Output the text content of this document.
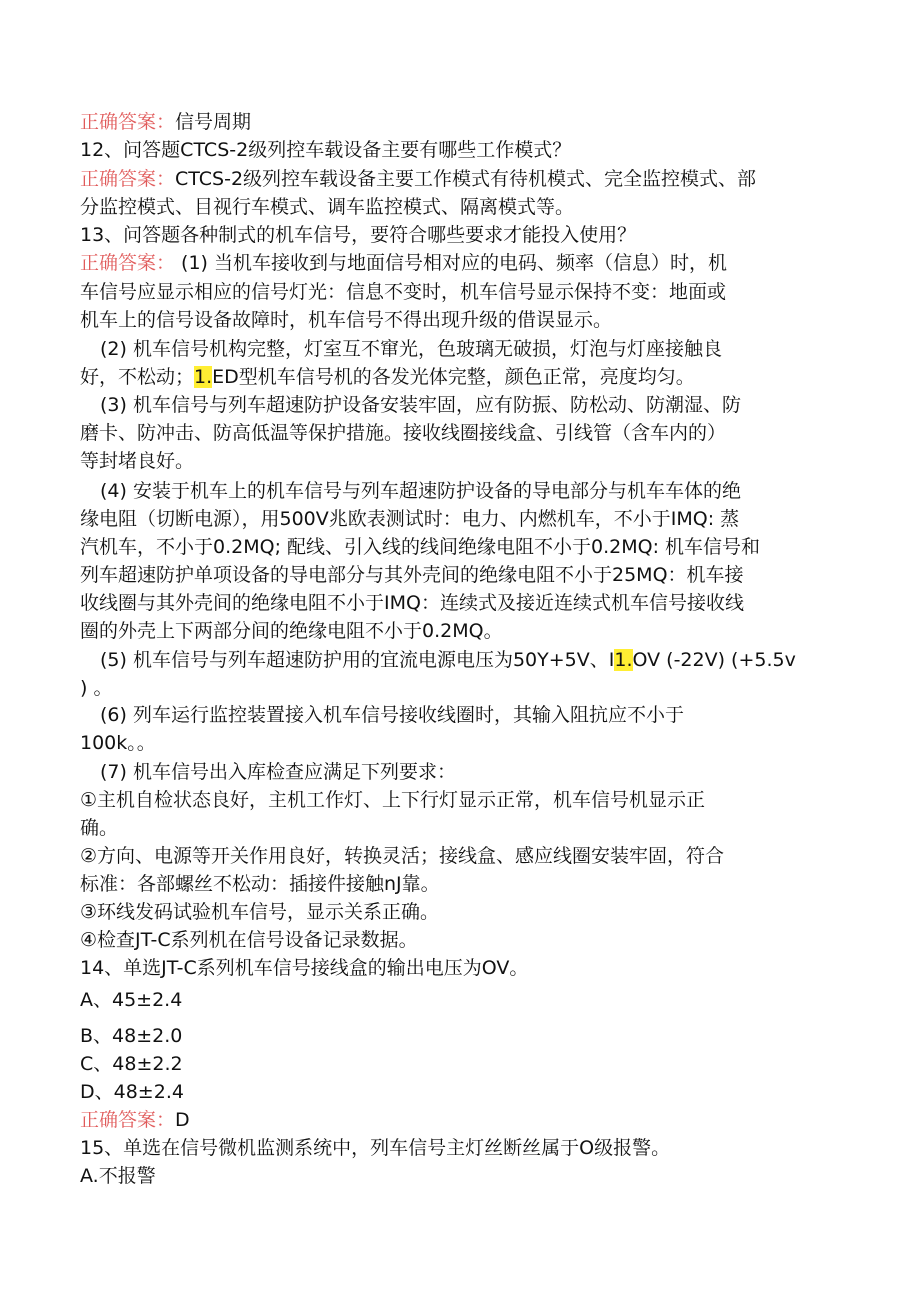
正确答案：信号周期
12、问答题CTCS-2级列控车载设备主要有哪些工作模式？
正确答案：CTCS-2级列控车载设备主要工作模式有待机模式、完全监控模式、部
分监控模式、目视行车模式、调车监控模式、隔离模式等。
13、问答题各种制式的机车信号，要符合哪些要求才能投入使用？
正确答案： (1) 当机车接收到与地面信号相对应的电码、频率（信息）时，机
车信号应显示相应的信号灯光：信息不变时，机车信号显示保持不变：地面或
机车上的信号设备故障时，机车信号不得出现升级的借误显示。
(2) 机车信号机构完整，灯室互不窜光，色玻璃无破损，灯泡与灯座接触良
好，不松动；1.ED型机车信号机的各发光体完整，颜色正常，亮度均匀。
(3) 机车信号与列车超速防护设备安装牢固，应有防振、防松动、防潮湿、防
磨卡、防冲击、防高低温等保护措施。接收线圈接线盒、引线管（含车内的）
等封堵良好。
(4) 安装于机车上的机车信号与列车超速防护设备的导电部分与机车车体的绝
缘电阻（切断电源），用500V兆欧表测试时：电力、内燃机车，不小于IMQ: 蒸
汽机车，不小于0.2MQ; 配线、引入线的线间绝缘电阻不小于0.2MQ: 机车信号和
列车超速防护单项设备的导电部分与其外壳间的绝缘电阻不小于25MQ：机车接
收线圈与其外壳间的绝缘电阻不小于IMQ：连续式及接近连续式机车信号接收线
圈的外壳上下两部分间的绝缘电阻不小于0.2MQ。
(5) 机车信号与列车超速防护用的宜流电源电压为50Y+5V、I1.OV (-22V) (+5.5v
) 。
(6) 列车运行监控装置接入机车信号接收线圈时，其输入阻抗应不小于
100k。。
(7) 机车信号出入库检查应满足下列要求：
①主机自检状态良好，主机工作灯、上下行灯显示正常，机车信号机显示正
确。
②方向、电源等开关作用良好，转换灵活；接线盒、感应线圈安装牢固，符合
标准：各部螺丝不松动：插接件接触nJ靠。
③环线发码试验机车信号，显示关系正确。
④检查JT-C系列机在信号设备记录数据。
14、单选JT-C系列机车信号接线盒的输出电压为OV。
A、45±2.4
B、48±2.0
C、48±2.2
D、48±2.4
正确答案：D
15、单选在信号微机监测系统中，列车信号主灯丝断丝属于O级报警。
A.不报警
